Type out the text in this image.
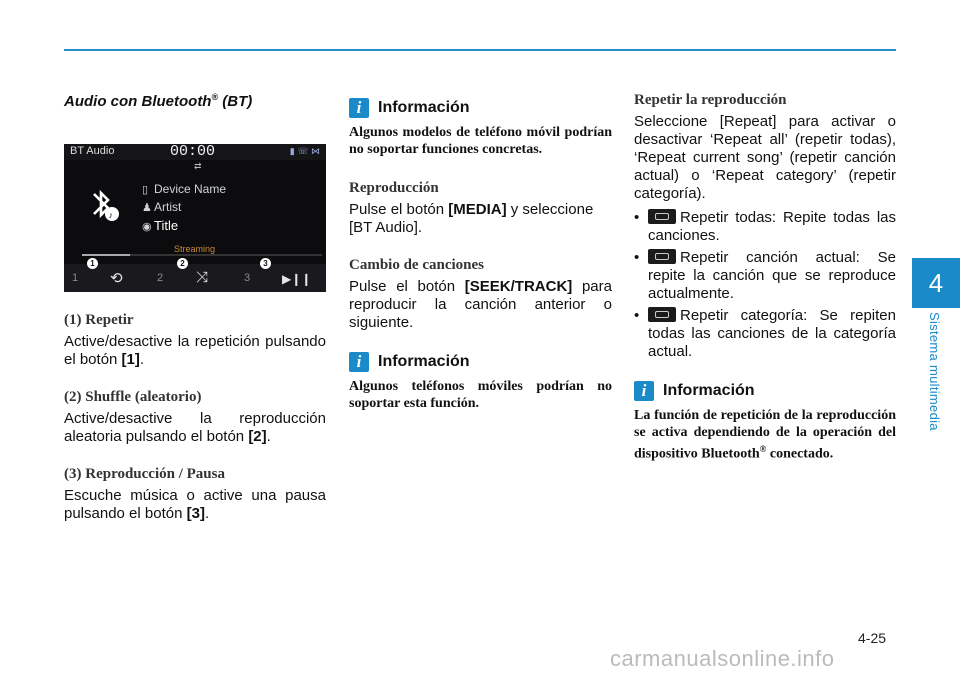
4
Sistema multimedia
Audio con Bluetooth® (BT)
BT Audio	00:00	▮ ☏ ⋈
⇄
♪
▯ Device Name
♟ Artist
◉ Title
Streaming
1	2	3
⟲	⤨	▶❙❙
1	2	3
(1) Repetir

Active/desactive la repetición pulsando el botón [1].

(2) Shuffle (aleatorio)

Active/desactive la reproducción aleatoria pulsando el botón [2].

(3) Reproducción / Pausa

Escuche música o active una pausa pulsando el botón [3].

i	Información
Algunos modelos de teléfono móvil podrían no soportar funciones concretas.
Reproducción

Pulse el botón [MEDIA] y seleccione [BT Audio].

Cambio de canciones

Pulse el botón [SEEK/TRACK] para reproducir la canción anterior o siguiente.

i	Información
Algunos teléfonos móviles podrían no soportar esta función.
Repetir la reproducción

Seleccione [Repeat] para activar o desactivar ‘Repeat all’ (repetir todas), ‘Repeat current song’ (repetir canción actual) o ‘Repeat category’ (repetir categoría).

•	Repetir todas: Repite todas las canciones.
•	Repetir canción actual: Se repite la canción que se reproduce actualmente.
•	Repetir categoría: Se repiten todas las canciones de la categoría actual.
i	Información
La función de repetición de la reproducción se activa dependiendo de la operación del dispositivo Bluetooth® conectado.
4-25
carmanualsonline.info
